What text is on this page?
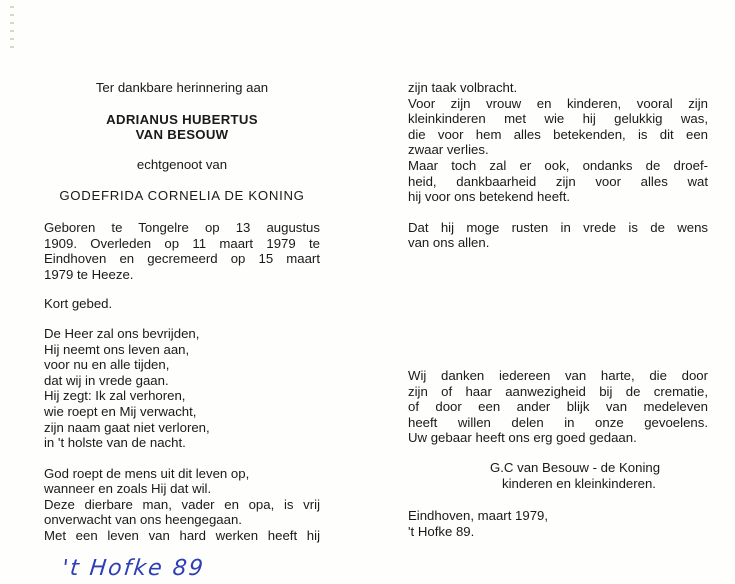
Ter dankbare herinnering aan
ADRIANUS HUBERTUS
VAN BESOUW
echtgenoot van
GODEFRIDA CORNELIA DE KONING
Geboren te Tongelre op 13 augustus
1909. Overleden op 11 maart 1979 te
Eindhoven en gecremeerd op 15 maart
1979 te Heeze.
Kort gebed.
De Heer zal ons bevrijden,
Hij neemt ons leven aan,
voor nu en alle tijden,
dat wij in vrede gaan.
Hij zegt: Ik zal verhoren,
wie roept en Mij verwacht,
zijn naam gaat niet verloren,
in 't holste van de nacht.
God roept de mens uit dit leven op,
wanneer en zoals Hij dat wil.
Deze dierbare man, vader en opa, is vrij
onverwacht van ons heengegaan.
Met een leven van hard werken heeft hij
zijn taak volbracht.
Voor zijn vrouw en kinderen, vooral zijn
kleinkinderen met wie hij gelukkig was,
die voor hem alles betekenden, is dit een
zwaar verlies.
Maar toch zal er ook, ondanks de droef-
heid, dankbaarheid zijn voor alles wat
hij voor ons betekend heeft.
Dat hij moge rusten in vrede is de wens
van ons allen.
Wij danken iedereen van harte, die door
zijn of haar aanwezigheid bij de crematie,
of door een ander blijk van medeleven
heeft willen delen in onze gevoelens.
Uw gebaar heeft ons erg goed gedaan.
G.C van Besouw - de Koning
kinderen en kleinkinderen.
Eindhoven, maart 1979,
't Hofke 89.
't Hofke 89
